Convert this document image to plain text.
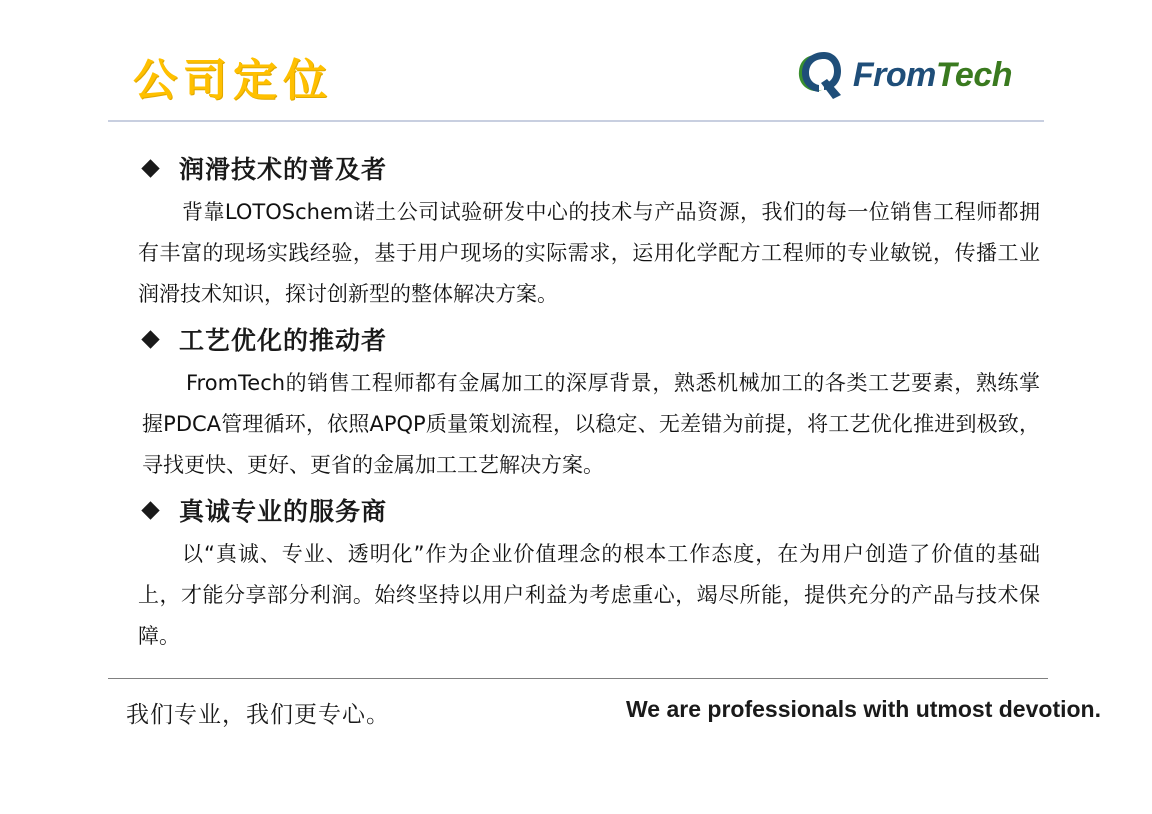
公司定位	FromTech
润滑技术的普及者

背靠LOTOSchem诺土公司试验研发中心的技术与产品资源，我们的每一位销售工程师都拥有丰富的现场实践经验，基于用户现场的实际需求，运用化学配方工程师的专业敏锐，传播工业润滑技术知识，探讨创新型的整体解决方案。

工艺优化的推动者

FromTech的销售工程师都有金属加工的深厚背景，熟悉机械加工的各类工艺要素，熟练掌握PDCA管理循环，依照APQP质量策划流程，以稳定、无差错为前提，将工艺优化推进到极致，寻找更快、更好、更省的金属加工工艺解决方案。

真诚专业的服务商

以“真诚、专业、透明化”作为企业价值理念的根本工作态度，在为用户创造了价值的基础上，才能分享部分利润。始终坚持以用户利益为考虑重心，竭尽所能，提供充分的产品与技术保障。

我们专业，我们更专心。	We are professionals with utmost devotion.
